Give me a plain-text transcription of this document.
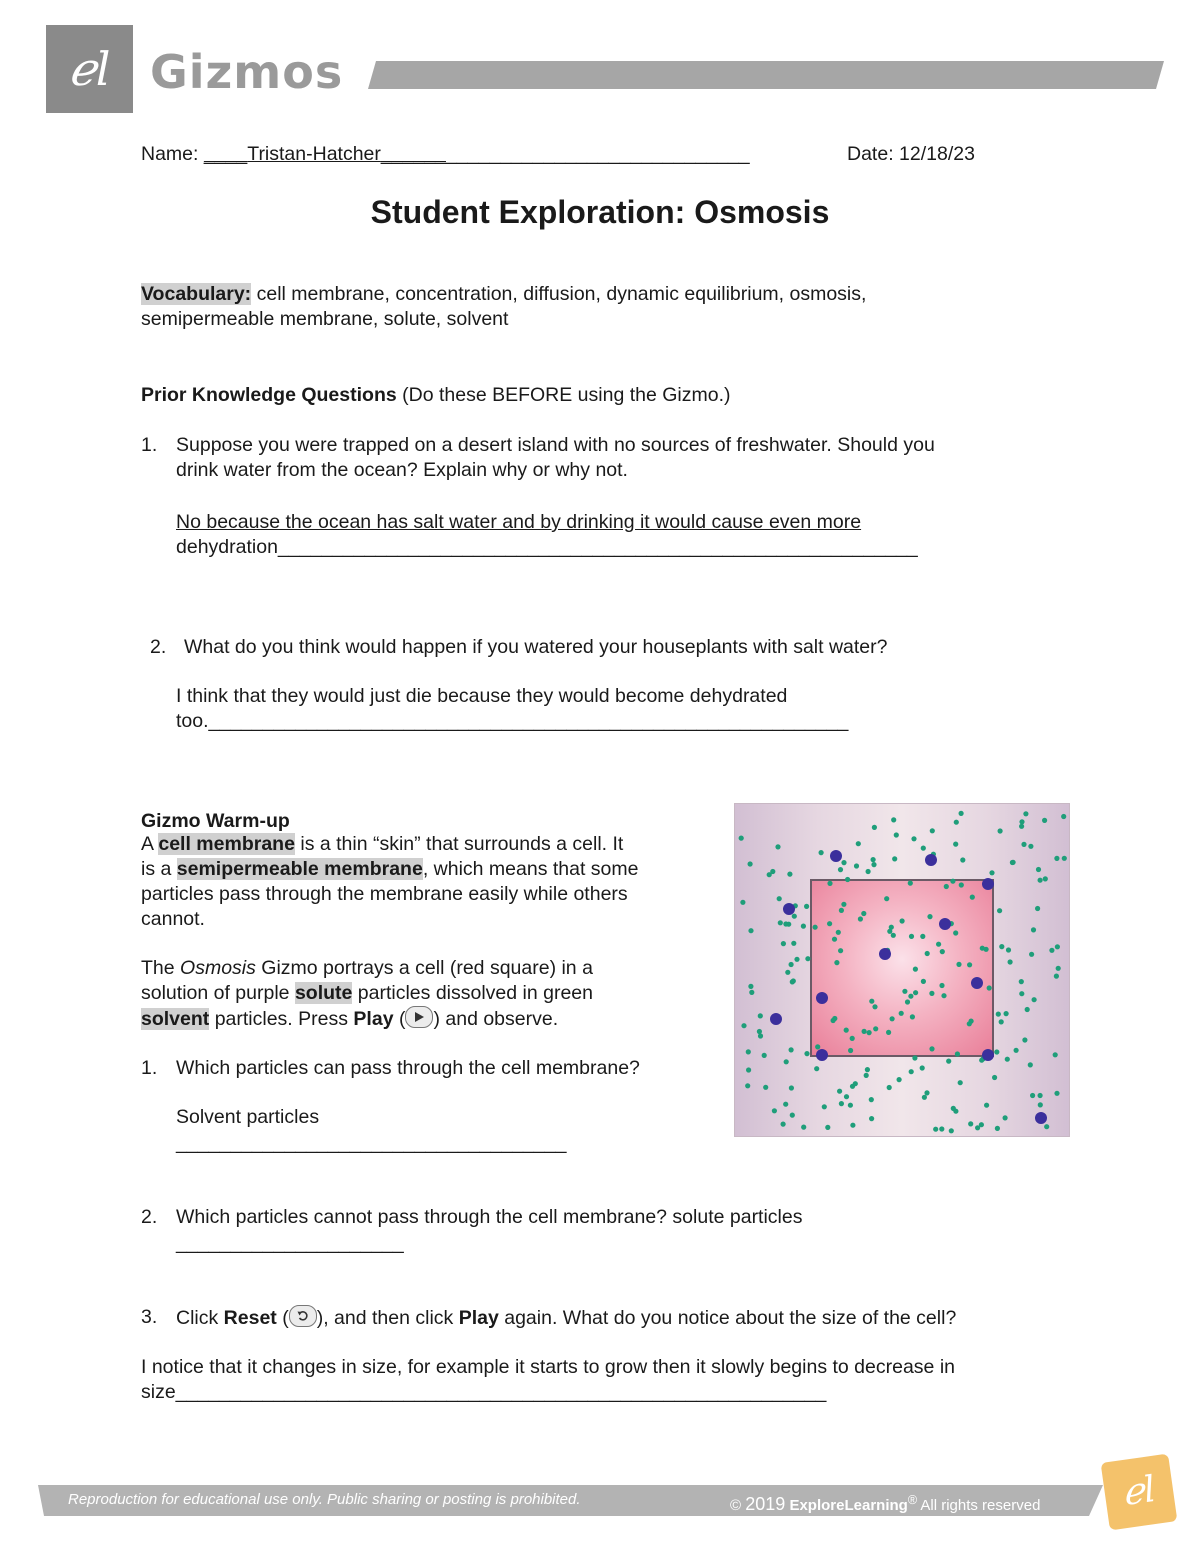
ℯl Gizmos
Name: ____Tristan-Hatcher__________________________________	Date: 12/18/23
Student Exploration: Osmosis
Vocabulary: cell membrane, concentration, diffusion, dynamic equilibrium, osmosis,
semipermeable membrane, solute, solvent
Prior Knowledge Questions (Do these BEFORE using the Gizmo.)
1. Suppose you were trapped on a desert island with no sources of freshwater. Should you
drink water from the ocean? Explain why or why not.
No because the ocean has salt water and by drinking it would cause even more
dehydration___________________________________________________________
2. What do you think would happen if you watered your houseplants with salt water?
I think that they would just die because they would become dehydrated
too.___________________________________________________________
Gizmo Warm-up
A cell membrane is a thin “skin” that surrounds a cell. It
is a semipermeable membrane, which means that some
particles pass through the membrane easily while others
cannot.
The Osmosis Gizmo portrays a cell (red square) in a
solution of purple solute particles dissolved in green
solvent particles. Press Play ( ) and observe.
1. Which particles can pass through the cell membrane?
Solvent particles
____________________________________
2. Which particles cannot pass through the cell membrane? solute particles
_____________________
3. Click Reset ( ), and then click Play again. What do you notice about the size of the cell?
I notice that it changes in size, for example it starts to grow then it slowly begins to decrease in
size____________________________________________________________
Reproduction for educational use only. Public sharing or posting is prohibited.	© 2019 ExploreLearning® All rights reserved	ℯl
